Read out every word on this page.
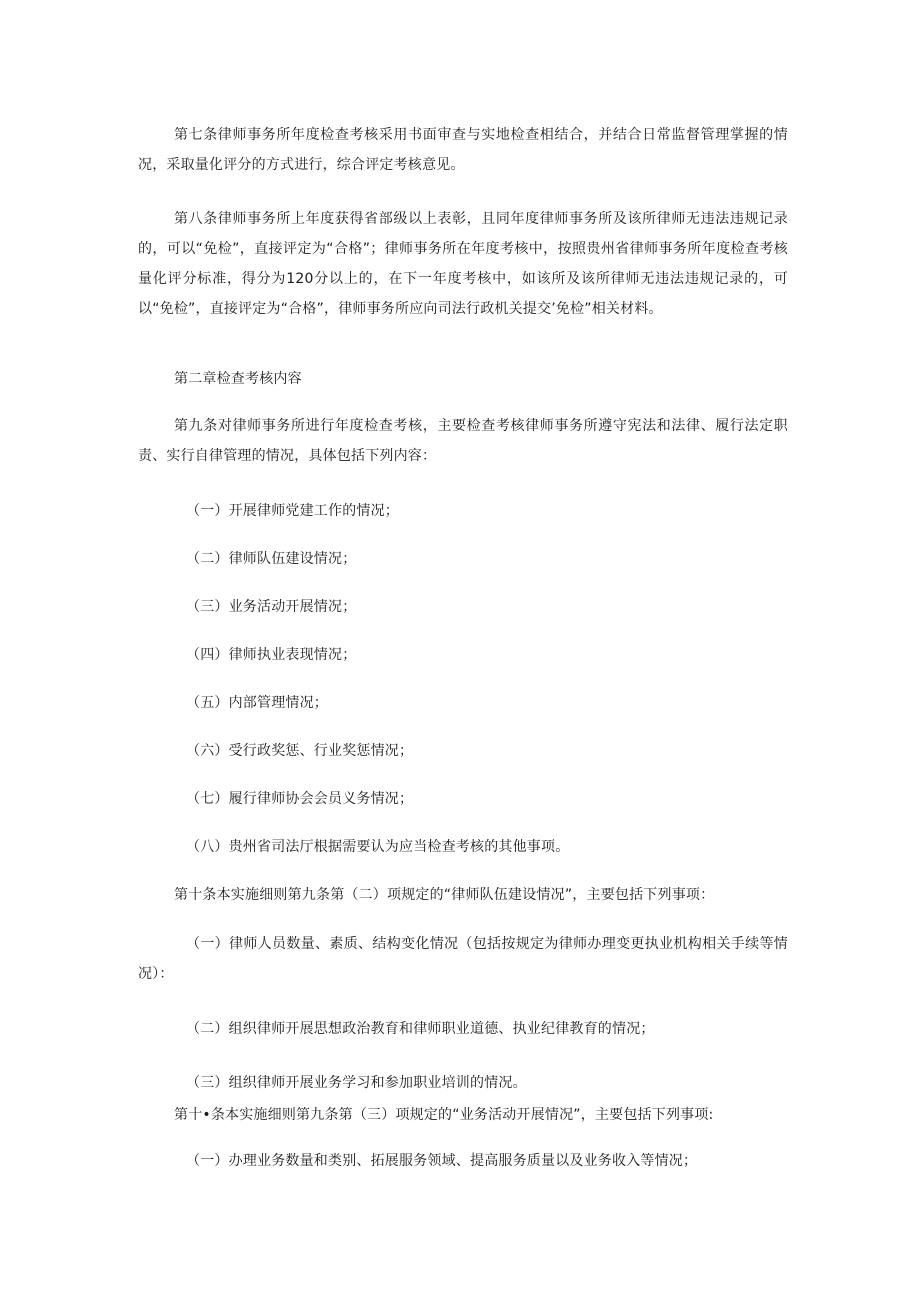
第七条律师事务所年度检查考核采用书面审查与实地检查相结合，并结合日常监督管理掌握的情况，采取量化评分的方式进行，综合评定考核意见。

第八条律师事务所上年度获得省部级以上表彰，且同年度律师事务所及该所律师无违法违规记录的，可以“免检”，直接评定为“合格”；律师事务所在年度考核中，按照贵州省律师事务所年度检查考核量化评分标准，得分为120分以上的，在下一年度考核中，如该所及该所律师无违法违规记录的，可以“免检”，直接评定为“合格”，律师事务所应向司法行政机关提交’免检”相关材料。

第二章检查考核内容

第九条对律师事务所进行年度检查考核，主要检查考核律师事务所遵守宪法和法律、履行法定职责、实行自律管理的情况，具体包括下列内容：

（一）开展律师党建工作的情况；

（二）律师队伍建设情况；

（三）业务活动开展情况；

（四）律师执业表现情况；

（五）内部管理情况；

（六）受行政奖惩、行业奖惩情况；

（七）履行律师协会会员义务情况；

（八）贵州省司法厅根据需要认为应当检查考核的其他事项。

第十条本实施细则第九条第（二）项规定的“律师队伍建设情况”，主要包括下列事项：

（一）律师人员数量、素质、结构变化情况（包括按规定为律师办理变更执业机构相关手续等情况）：

（二）组织律师开展思想政治教育和律师职业道德、执业纪律教育的情况；

（三）组织律师开展业务学习和参加职业培训的情况。

第十•条本实施细则第九条第（三）项规定的“业务活动开展情况”，主要包括下列事项:

（一）办理业务数量和类别、拓展服务领域、提高服务质量以及业务收入等情况；
